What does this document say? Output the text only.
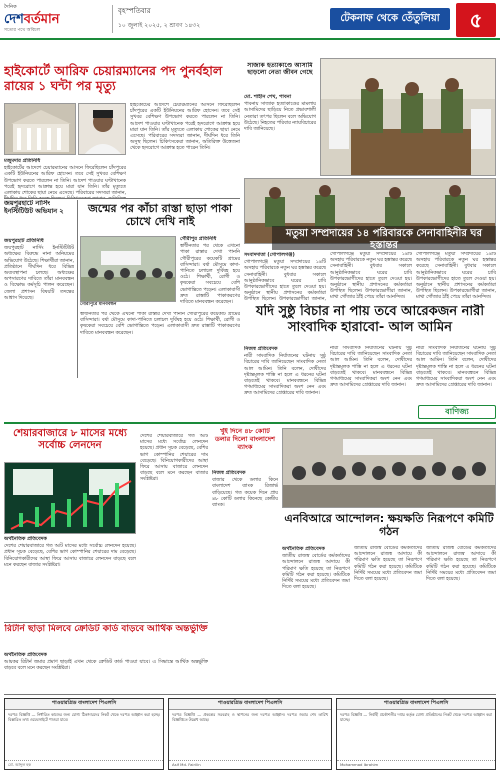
দৈনিক
দেশবর্তমান
সত্যের পথে অবিচল
বৃহস্পতিবার
১০ জুলাই ২০২৫, ২ শ্রাবণ ১৪৩২
টেকনাফ থেকে তেঁতুলিয়া	৫
হাইকোর্টে আরিফ চেয়ারম্যানের পদ পুনর্বহাল রায়ের ১ ঘন্টা পর মৃত্যু
মজুমদার প্রতিনিধি
হাইকোর্টের আদেশে চেয়ারম্যানের আসনে ফিরেছিলেন চাঁদপুরের একটি ইউনিয়নের আরিফ হোসেন। তবে সেই সুখবর বেশিক্ষণ উপভোগ করতে পারলেন না তিনি। আদেশ পাওয়ার ঘণ্টাখানেক পরেই হৃদরোগে আক্রান্ত হয়ে মারা যান তিনি। তাঁর মৃত্যুতে এলাকায় শোকের ছায়া নেমে এসেছে। পরিবারের সদস্যরা জানান,
হাইকোর্টের আদেশে চেয়ারম্যানের আসনে ফিরেছিলেন চাঁদপুরের একটি ইউনিয়নের আরিফ হোসেন। তবে সেই সুখবর বেশিক্ষণ উপভোগ করতে পারলেন না তিনি। আদেশ পাওয়ার ঘণ্টাখানেক পরেই হৃদরোগে আক্রান্ত হয়ে মারা যান তিনি। তাঁর মৃত্যুতে এলাকায় শোকের ছায়া নেমে এসেছে। পরিবারের সদস্যরা জানান, দীর্ঘদিন ধরে তিনি অসুস্থ ছিলেন। চিকিৎসকেরা জানান, অতিরিক্ত উত্তেজনা থেকে হৃদরোগে আক্রান্ত হতে পারেন তিনি।
জয়পুরহাটে নার্সিং ইনস্টিটিউট অভিযান ২
জয়পুরহাট প্রতিনিধি
জয়পুরহাট নার্সিং ইনস্টিটিউট অধ্যক্ষের বিরুদ্ধে নানা অনিয়মের অভিযোগ উঠেছে। শিক্ষার্থীরা জানান, প্রতিষ্ঠানে দীর্ঘদিন ধরে বিভিন্ন অব্যবস্থাপনা চলছে। অধ্যক্ষের অপসারণের দাবিতে তাঁরা মানববন্ধন ও বিক্ষোভ কর্মসূচি পালন করেছেন। জেলা প্রশাসন বিষয়টি তদন্তের আশ্বাস দিয়েছে।
জন্মের পর কাঁচা রাস্তা ছাড়া পাকা চোখে দেখি নাই
গৌরীপুরে মানববন্ধন
গৌরীপুর প্রতিনিধি
স্বাধীনতার পর থেকে এখনো পাকা রাস্তার দেখা পাননি গৌরীপুরের কয়েকটি গ্রামের বাসিন্দারা। বর্ষা মৌসুমে কাদা-পানিতে চলাচল দুর্বিষহ হয়ে ওঠে। শিক্ষার্থী, রোগী ও কৃষকেরা সবচেয়ে বেশি ভোগান্তিতে পড়েন। এলাকাবাসী দ্রুত রাস্তাটি পাকাকরণের দাবিতে মানববন্ধন করেছেন।
স্বাধীনতার পর থেকে এখনো পাকা রাস্তার দেখা পাননি গৌরীপুরের কয়েকটি গ্রামের বাসিন্দারা। বর্ষা মৌসুমে কাদা-পানিতে চলাচল দুর্বিষহ হয়ে ওঠে। শিক্ষার্থী, রোগী ও কৃষকেরা সবচেয়ে বেশি ভোগান্তিতে পড়েন। এলাকাবাসী দ্রুত রাস্তাটি পাকাকরণের দাবিতে মানববন্ধন করেছেন।
সাজাক হত্যাকাণ্ডে আসামি ছাড়লো নেতা জীবন গেছে
মো. শাহীন শেখ, পাবনা
পাবনায় সাজাক হত্যাকাণ্ডের মামলায় আসামিদের ছাড়িয়ে নিতে প্রভাবশালী নেতারা তৎপর ছিলেন বলে অভিযোগ উঠেছে। নিহতের পরিবার ন্যায়বিচারের দাবি জানিয়েছে।
মতুয়া সম্প্রদায়ের ১৪ পরিবারকে সেনাবাহিনীর ঘর হস্তান্তর
সংবাদদাতা (গোপালগঞ্জ)
গোপালগঞ্জে মতুয়া সম্প্রদায়ের ১৪টি অসহায় পরিবারকে নতুন ঘর হস্তান্তর করেছে সেনাবাহিনী। বুধবার সকালে আনুষ্ঠানিকভাবে ঘরের চাবি উপকারভোগীদের হাতে তুলে দেওয়া হয়। অনুষ্ঠানে স্থানীয় প্রশাসনের কর্মকর্তারা উপস্থিত ছিলেন। উপকারভোগীরা জানান,
গোপালগঞ্জে মতুয়া সম্প্রদায়ের ১৪টি অসহায় পরিবারকে নতুন ঘর হস্তান্তর করেছে সেনাবাহিনী। বুধবার সকালে আনুষ্ঠানিকভাবে ঘরের চাবি উপকারভোগীদের হাতে তুলে দেওয়া হয়। অনুষ্ঠানে স্থানীয় প্রশাসনের কর্মকর্তারা উপস্থিত ছিলেন। উপকারভোগীরা জানান, মাথা গোঁজার ঠাঁই পেয়ে তাঁরা আনন্দিত।
গোপালগঞ্জে মতুয়া সম্প্রদায়ের ১৪টি অসহায় পরিবারকে নতুন ঘর হস্তান্তর করেছে সেনাবাহিনী। বুধবার সকালে আনুষ্ঠানিকভাবে ঘরের চাবি উপকারভোগীদের হাতে তুলে দেওয়া হয়। অনুষ্ঠানে স্থানীয় প্রশাসনের কর্মকর্তারা উপস্থিত ছিলেন। উপকারভোগীরা জানান, মাথা গোঁজার ঠাঁই পেয়ে তাঁরা আনন্দিত।
যদি সুষ্ঠু বিচার না পায় তবে আরেকজন নারী সাংবাদিক হারাবো- আল আমিন
নিজস্ব প্রতিবেদক
নারী সাংবাদিক নির্যাতনের ঘটনায় সুষ্ঠু বিচারের দাবি জানিয়েছেন সাংবাদিক নেতা আল আমিন। তিনি বলেন, দোষীদের দৃষ্টান্তমূলক শাস্তি না হলে এ ধরনের ঘটনা বাড়তেই থাকবে। মানববন্ধনে বিভিন্ন গণমাধ্যমের সাংবাদিকরা অংশ নেন এবং দ্রুত আসামিদের গ্রেপ্তারের দাবি জানান।
নারী সাংবাদিক নির্যাতনের ঘটনায় সুষ্ঠু বিচারের দাবি জানিয়েছেন সাংবাদিক নেতা আল আমিন। তিনি বলেন, দোষীদের দৃষ্টান্তমূলক শাস্তি না হলে এ ধরনের ঘটনা বাড়তেই থাকবে। মানববন্ধনে বিভিন্ন গণমাধ্যমের সাংবাদিকরা অংশ নেন এবং দ্রুত আসামিদের গ্রেপ্তারের দাবি জানান।
নারী সাংবাদিক নির্যাতনের ঘটনায় সুষ্ঠু বিচারের দাবি জানিয়েছেন সাংবাদিক নেতা আল আমিন। তিনি বলেন, দোষীদের দৃষ্টান্তমূলক শাস্তি না হলে এ ধরনের ঘটনা বাড়তেই থাকবে। মানববন্ধনে বিভিন্ন গণমাধ্যমের সাংবাদিকরা অংশ নেন এবং দ্রুত আসামিদের গ্রেপ্তারের দাবি জানান।
বাণিজ্য
শেয়ারবাজারে ৮ মাসের মধ্যে সর্বোচ্চ লেনদেন
অর্থনৈতিক প্রতিবেদক
দেশের শেয়ারবাজারে গত আট মাসের মধ্যে সর্বোচ্চ লেনদেন হয়েছে। প্রধান সূচক বেড়েছে, বেশির ভাগ কোম্পানির শেয়ারের দাম বেড়েছে। বিনিয়োগকারীদের আস্থা ফিরে আসায় বাজারে লেনদেন বাড়ছে বলে মনে করছেন বাজার সংশ্লিষ্টরা।
দেশের শেয়ারবাজারে গত আট মাসের মধ্যে সর্বোচ্চ লেনদেন হয়েছে। প্রধান সূচক বেড়েছে, বেশির ভাগ কোম্পানির শেয়ারের দাম বেড়েছে। বিনিয়োগকারীদের আস্থা ফিরে আসায় বাজারে লেনদেন বাড়ছে বলে মনে করছেন বাজার সংশ্লিষ্টরা।
রিটার্ন ছাড়া মিলবে ক্রেডিট কার্ড বাড়বে আর্থিক অন্তর্ভুক্তি
অর্থনৈতিক প্রতিবেদক
আয়কর রিটার্ন জমার প্রমাণ ছাড়াই এখন থেকে ক্রেডিট কার্ড পাওয়া যাবে। এ সিদ্ধান্তে আর্থিক অন্তর্ভুক্তি বাড়বে বলে মনে করছেন সংশ্লিষ্টরা।
খুঁই দিনে ৪৮ কোটি ডলার দিলো বাংলাদেশ ব্যাংক
নিজস্ব প্রতিবেদক
বাজার থেকে ডলার কিনে বাংলাদেশ ব্যাংক রিজার্ভ বাড়িয়েছে। গত কয়েক দিনে প্রায় ৪৮ কোটি ডলার কিনেছে কেন্দ্রীয় ব্যাংক।
এনবিআরে আন্দোলন: ক্ষয়ক্ষতি নিরূপণে কমিটি গঠন
অর্থনৈতিক প্রতিবেদক
জাতীয় রাজস্ব বোর্ডের কর্মকর্তাদের আন্দোলনে রাজস্ব আদায়ে কী পরিমাণ ক্ষতি হয়েছে তা নিরূপণে কমিটি গঠন করা হয়েছে। কমিটিকে নির্দিষ্ট সময়ের মধ্যে প্রতিবেদন জমা দিতে বলা হয়েছে।
জাতীয় রাজস্ব বোর্ডের কর্মকর্তাদের আন্দোলনে রাজস্ব আদায়ে কী পরিমাণ ক্ষতি হয়েছে তা নিরূপণে কমিটি গঠন করা হয়েছে। কমিটিকে নির্দিষ্ট সময়ের মধ্যে প্রতিবেদন জমা দিতে বলা হয়েছে।
জাতীয় রাজস্ব বোর্ডের কর্মকর্তাদের আন্দোলনে রাজস্ব আদায়ে কী পরিমাণ ক্ষতি হয়েছে তা নিরূপণে কমিটি গঠন করা হয়েছে। কমিটিকে নির্দিষ্ট সময়ের মধ্যে প্রতিবেদন জমা দিতে বলা হয়েছে।
পাওয়ারগ্রিড বাংলাদেশ পিএলসি
দরপত্র বিজ্ঞপ্তি — নির্ধারিত কাজের জন্য যোগ্য ঠিকাদারদের নিকট থেকে দরপত্র আহ্বান করা হচ্ছে। বিস্তারিত তথ্য ওয়েবসাইটে পাওয়া যাবে।
মো. আব্দুল হক
পাওয়ারগ্রিড বাংলাদেশ পিএলসি
দরপত্র বিজ্ঞপ্তি — প্রকল্পের সরবরাহ ও স্থাপনের জন্য দরপত্র আহ্বান। দরপত্র জমার শেষ তারিখ বিজ্ঞপ্তিতে উল্লেখ আছে।
Asif Md. Fairilin
পাওয়ারগ্রিড বাংলাদেশ পিএলসি
দরপত্র বিজ্ঞপ্তি — নির্বাহী প্রকৌশলীর দপ্তর কর্তৃক যোগ্য প্রতিষ্ঠানের নিকট থেকে দরপত্র আহ্বান করা যাচ্ছে।
Mohammad Ibrahim
